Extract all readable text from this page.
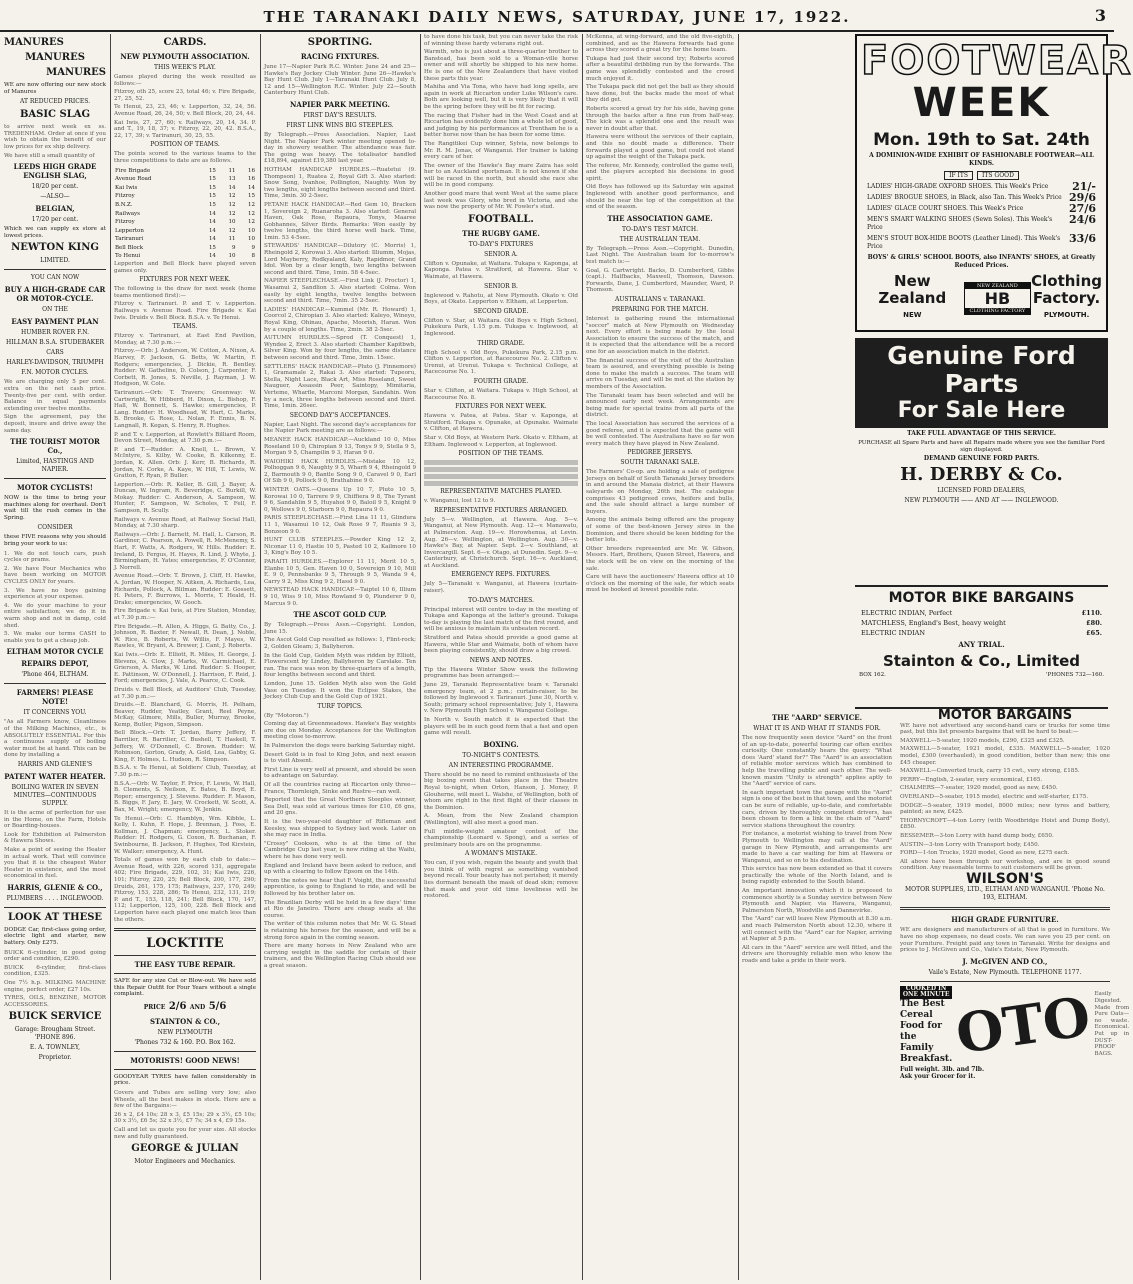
THE TARANAKI DAILY NEWS, SATURDAY, JUNE 17, 1922.	3
MANURES
MANURES
MANURES

WE are now offering our new stock of Manures

AT REDUCED PRICES.
BASIC SLAG

to arrive next week ex ss. TREDENHAM. Order at once if you wish to obtain the benefit of our low prices for ex ship delivery.

We have still a small quantity of

LEEDS HIGH GRADE ENGLISH SLAG,
18/20 per cent.
—ALSO—
BELGIAN,
17/20 per cent.

Which we can supply ex store at lowest prices.

NEWTON KING
LIMITED.
YOU CAN NOW
BUY A HIGH-GRADE CAR OR MOTOR-CYCLE.
ON THE
EASY PAYMENT PLAN
HUMBER ROVER F.N.
HILLMAN B.S.A. STUDEBAKER
CARS
HARLEY-DAVIDSON, TRIUMPH
F.N. MOTOR CYCLES.

We are charging only 5 per cent. extra on the net cash price. Twenty-five per cent. with order. Balance in equal payments extending over twelve months.

Sign the agreement, pay the deposit, insure and drive away the same day.

THE TOURIST MOTOR Co.,
Limited, HASTINGS AND NAPIER.
MOTOR CYCLISTS!

NOW is the time to bring your machines along for overhaul. Don't wait till the rush comes in the Spring.

CONSIDER

these FIVE reasons why you should bring your work to us:

1. We do not touch cars, push cycles or prams.

2. We have Four Mechanics who have been working on MOTOR CYCLES ONLY for years.

3. We have no boys gaining experience at your expense.

4. We do your machine to your entire satisfaction; we do it in warm shop and not in damp, cold shed.

5. We make our terms CASH to enable you to get a cheap job.

ELTHAM MOTOR CYCLE
REPAIRS DEPOT,
'Phone 464, ELTHAM.
FARMERS! PLEASE NOTE!
IT CONCERNS YOU.

"As all Farmers know, Cleanliness of the Milking Machines, etc., is ABSOLUTELY ESSENTIAL. For this a continuous supply of boiling water must be at hand. This can be done by installing a

HARRIS AND GLENIE'S
PATENT WATER HEATER.
BOILING WATER IN SEVEN MINUTES—CONTINUOUS SUPPLY.

It is the acme of perfection for use in the Home, on the Farm, Hotels or Boarding-houses.

Look for Exhibition at Palmerston & Hawera Shows.

Make a point of seeing the Heater in actual work. That will convince you that it is the cheapest Water Heater in existence, and the most economical in fuel.

HARRIS, GLENIE & CO.,
PLUMBERS . . . . INGLEWOOD.
LOOK AT THESE

DODGE Car, first-class going order, electric light and starter, new battery. Only £275.

BUICK 6-cylinder, in good going order and condition, £290.

BUICK 6-cylinder, first-class condition, £325.

One 7½ h.p. MILKING MACHINE engine, perfect order, £27 10s.

TYRES, OILS, BENZINE, MOTOR ACCESSORIES.

BUICK SERVICE
Garage: Brougham Street. 'PHONE 896.
E. A. TOWNLEY,
Proprietor.
CARDS.
NEW PLYMOUTH ASSOCIATION.
THIS WEEK'S PLAY.

Games played during the week resulted as follows:—

Fitzroy, oth 25, score 23, total 46; v. Fire Brigade, 27, 25, 52.

Te Henui, 23, 23, 46; v. Lepperton, 32, 24, 56. Avenue Road, 26, 24, 50; v. Bell Block, 20, 24, 44.

Kai Iwis, 27, 27, 60; v. Railways, 20, 14, 34. P. and T., 19, 18, 37; v. Fitzroy, 22, 20, 42. B.S.A., 22, 17, 39; v. Tariranuri, 30, 25, 55.

POSITION OF TEAMS.

The points scored to the various teams to the three competitions to date are as follows.

Fire Brigade	15	11	16
Avenue Road	15	13	16
Kai Iwis	15	14	14
Fitzroy	15	12	15
B.N.Z.	15	12	12
Railways	14	12	12
Fitzroy	14	10	12
Lepperton	14	12	10
Tariranuri	14	11	10
Bell Block	15	9	9
To Henui	14	10	8

Lepperton and Bell Block have played seven games only.

FIXTURES FOR NEXT WEEK.

The following is the draw for next week (home teams mentioned first):—

Fitzroy v. Tariranuri. P. and T. v. Lepperton. Railways v. Avenue Road. Fire Brigade v. Kai Iwis. Druids v. Bell Block. B.S.A. v. Te Henui.

TEAMS.

Fitzroy v. Tariranuri, at East End Pavilion, Monday, at 7.30 p.m.:—

Fitzroy.—Orb: J. Anderson, W. Cotton, A. Nixon, A. Harvey, F. Jackson, G. Betts, W. Martin, F. Rodgers; emergencies, J. Dickie, R. Bentley. Rudder: W. Gatheline, D. Colson, J. Carpenter, F. Corbett, R. Jones, S. Neville, J. Rayman, J. W. Hodgson, W. Cole.

Tariranuri.—Orb: T. Travers; Greenway: W. Cartwright, W. Hibberd, H. Dixon, L. Bishop, F. Hall, W. Bonnett, S. Hawke; emergencies, P. Lang. Rudder: H. Woodhead, W. Hart, C. Marks, B. Brooke, G. Rose, L. Nolan, F. Ennis, B. N. Langnall, R. Kegan, S. Henry, R. Hughes.

P. and T. v. Lepperton, at Rowlett's Billiard Room, Devon Street, Monday, at 7.30 p.m.:—

P. and T.—Rudder: A. Knell, L. Brown, V. McIntyre, S. Kilby, W. Cooke, B. Kilkenny, E. Jordan, K. Allen. Orb: J. Kerr, B. Richards, R. Jordan, N. Corke, A. Kaye, W. Hill, T. Lewis, W. Gratton, F. Ryan, P. Buller.

Lepperton.—Orb: R. Keller, B. Gill, J. Bayer, A. Duncan, W. Ingram, R. Beveridge, C. Burkill, W. Mokay. Rudder: C. Anderson, A. Sampson, W. Hunter, F. Sampson, W. Scholes, T. Fell, F. Sampson, R. Scully.

Railways v. Avenue Road, at Railway Social Hall, Monday, at 7.30 sharp.

Railways.—Orb: J. Barnett, M. Hall, L. Carson, R. Gardiner, C. Pearson, A. Powell, R. McMenemy, S. Hart, F. Watts, A. Rodgers, W. Hills. Rudder: E. Ireland, D. Fergus, H. Hayes, R. Lind, J. Whyte, J. Birmingham, H. Yates; emergencies, F. O'Connor, J. Norrell.

Avenue Road.—Orb: T. Brown, J. Cliff, H. Hawke, A. Jordan, W. Hooper, N. Aitken, A. Richards, Lea, Richards, Pollock, A. Blilman. Rudder: E. Gossett, H. Peters, F. Burrows, L. Morris, T. Heald, H. Drake; emergencies, W. Gooch.

Fire Brigade v. Kai Iwis, at Fire Station, Monday, at 7.30 p.m.:—

Fire Brigade.—R. Allen, A. Higgs, G. Batty, Co., J. Johnson, R. Baxter, F. Newall, R. Dean, J. Noble, W. Rice, B. Roberts, W. Willis, F. Mayes, W. Rawles, W. Bryant, A. Brewer, J. Cant, J. Roberts.

Kai Iwis.—Orb: E. Elliott, R. Miles, H. George, J. Blevens, A. Clow, J. Marks, W. Carmichael, E. Grierson, A. Marks, W. Lind. Rudder: S. Hooper, E. Pattinson, W. O'Donnell, J. Harrison, F. Reid, J. Ford; emergencies, J. Vale, A. Pearce, C. Cook.

Druids v. Bell Block, at Auditors' Club, Tuesday, at 7.30 p.m.:—

Druids.—E. Blanchard, G. Morris, H. Pelham, Beaver, Rudder, Yeatley, Grant, Reel Peyne, McKay, Gilmore, Mills, Buller, Murray, Brooke, Kemp, Butler, Pigson, Simpson.

Bell Block.—Orb: T. Jordan, Barry Jeffery, F. Barrilier, R. Barrilier, C. Bushell, T. Haskell, T. Jeffery, W. O'Donnell, C. Brown. Rudder: W. Robinson, Gorton, Grady, A. Gold, Lea, Gabby, G. King, F. Holmes, L. Hudson, R. Simpson.

B.S.A. v. Te Henui, at Soldiers' Club, Tuesday, at 7.30 p.m.:—

B.S.A.—Orb: W. Taylor, F. Price, F. Lewis, W. Hall, B. Clements, S. Neilson, E. Bates, B. Boyd, E. Roper; emergency, J. Stevens. Rudder: F. Mason, B. Biggs, F. Jary, E. Jary, W. Crockett, W. Scott, A. Bax, M. Wright; emergency, W. Jenkin.

Te Henui.—Orb: C. Hamblyn, Wm. Kibble, L. Kelly, I. Kuhn, F. Hope, J. Brennan, J. Foss, E. Kollman, J. Chapman; emergency, L. Stoker. Rudder: H. Rodgers, G. Coxon, R. Buchanan, F. Swinbourne, B. Jackson, F. Hughes, Tod Kirstein, W. Walker; emergency, A. Hunt.

Totals of games won by each club to date:—Avenue Road, with 226, scored 131, aggregate 402; Fire Brigade, 229, 102, 31; Kai Iwis, 226, 101; Fitzroy, 220, 25; Bell Block, 200, 177, 290; Druids, 261, 175, 175; Railways, 237, 170, 249; Fitzroy, 153, 228, 286; Te Henui, 232, 131, 219; P. and T., 153, 118, 241; Bell Block, 170, 147, 112; Lepperton, 125, 100, 228. Bell Block and Lepperton have each played one match less than the others.

LOCKTITE
THE EASY TUBE REPAIR.

SAFE for any size Cut or Blow-out. We have sold this Repair Outfit for Four Years without a single complaint.

PRICE 2/6 AND 5/6
STAINTON & CO.,
NEW PLYMOUTH
'Phones 732 & 160. P.O. Box 162.
MOTORISTS! GOOD NEWS!

GOODYEAR TYRES have fallen considerably in price.

Covers and Tubes are selling very low; also Wheels, all the best makes in stock. Here are a few of the Bargains:—

26 x 2, £4 10s; 28 x 3, £5 15s; 29 x 3½, £5 10s; 30 x 3½, £6 5s; 32 x 3½, £7 7s; 34 x 4, £9 15s.

Call and let us quote you for your size. All stocks new and fully guaranteed.

GEORGE & JULIAN
Motor Engineers and Mechanics.
SPORTING.
RACING FIXTURES.

June 17—Napier Park R.C. Winter. June 24 and 25—Hawke's Bay Jockey Club Winter. June 26—Hawke's Bay Hunt Club. July 1—Taranaki Hunt Club. July 8, 12 and 15—Wellington R.C. Winter. July 22—South Canterbury Hunt Club.

NAPIER PARK MEETING.
FIRST DAY'S RESULTS.
FIRST LINK WINS BIG STEEPLES.

By Telegraph.—Press Association. Napier, Last Night. The Napier Park winter meeting opened to-day in showery weather. The attendance was fair. The going was heavy. The totalisator handled £18,894, against £19,380 last year.

HOTHAM HANDICAP HURDLES.—Ruatetui (9. Thompson) 1, Ruatea 2, Royal Gift 3. Also started: Snow Song, Ivanhoe, Pollington, Naughty. Won by two lengths, eight lengths between second and third. Time, 3min. 30 2-5sec.

PETANE HACK HANDICAP.—Red Gem 10, Bracken 1, Sovereign 2, Ruanaroha 3. Also started: General Haven, Oak Rose, Repaura, Tonys, Maaree Gobhannes, Silver Birds. Remarks: Won easily by twelve lengths, the third horse well back. Time, 1min. 53 4-5sec.

STEWARDS' HANDICAP.—Dilutory (C. Morris) 1, Rheingold 2, Korowai 3. Also started: Illiumm, Mojas, Lord Mayberry, Rodkyaland, Kaly, Rapidmor, Grand Idol. Won by a clear length, two lengths between second and third. Time, 1min. 58 4-5sec.

NAPIER STEEPLECHASE.—First Link (J. Proctor) 1, Wasamui 2, Sandlion 3. Also started: Colma. Won easily by eight lengths, twelve lengths between second and third. Time, 7min. 35 2-5sec.

LADIES' HANDICAP.—Kummel (Mr. R. Howard) 1, Coorcol 2, Chiropian 3. Also started: Kaleyo, Wineyo, Royal King, Ohinau, Apache, Moorish, Haran. Won by a couple of lengths. Time, 2min. 38 2-5sec.

AUTUMN HURDLES.—Sprod (T. Conquest) 1, Wyndee 2, Erect 3. Also started: Chamber Kapitbwb, Silver King. Won by four lengths, the same distance between second and third. Time, 3min. 15sec.

SETTLERS' HACK HANDICAP.—Pluto (J. Finnemore) 1, Gramamale 2, Rakai 3. Also started: Tupeoru, Stella, Night Lace, Black Art, Miss Roseland, Sweet Nauguer, Assassin Peer, Saintopy, Mimitaria, Verteme, Wharfle, Marconi Morgan, Sandahin. Won by a neck, three lengths between second and third. Time, 1min. 26sec.

SECOND DAY'S ACCEPTANCES.

Napier, Last Night. The second day's acceptances for the Napier Park meeting are as follows:—

MEANEE HACK HANDICAP.—Auckland 10 0, Miss Roseland 10 0, Chiropian 9 13, Tonys 9 9, Stella 9 5, Morgan 9 5, Champilin 9 3, Haran 9 0.

WAIOHIKI HACK HURDLES.—Mistake 10 12, Polhoggan 9 6, Naughty 9 5, Wharfi 9 4, Rheingold 9 2, Barmouth 9 0, Bantle Song 9 0, Caravel 9 0, Earl Of Sib 9 0, Pollock 9 0, Brathabine 9 0.

WINTER OATS.—Queens Up 10 7, Pluto 10 5, Korowai 10 0, Tarrere 9 9, Chiffiera 9 8, The Tyrant 9 6, Sandahlin 9 5, Huyahoi 9 0, Baloil 9 5, Knight 9 0, Wollows 9 0, Starborn 9 0, Repaura 9 0.

PARIS STEEPLECHASE.—First Lina 11 11, Glindura 11 1, Wasamui 10 12, Oak Rose 9 7, Ruanis 9 3, Bonzeon 9 0.

HUNT CLUB STEEPLES.—Powder King 12 2, Niconar 11 0, Hastie 10 5, Pasted 10 2, Kailmore 10 3, King's Boy 10 5.

PARAITI HURDLES.—Explorer 11 11, Merit 10 5, Elanbe 10 5, Gen. Haven 10 0, Sovereign 9 10, Mill E. 9 0, Pennsbanks 9 5, Through 9 5, Wanda 9 4, Carry 9 2, Miss King 9 2, Hassl 9 0.

NEWSTEAD HACK HANDICAP.—Taiptel 10 6, Illium 9 10, Wiss 9 10, Miss Rowland 9 0, Plunderer 9 0, Marcus 9 0.

THE ASCOT GOLD CUP.

By Telegraph.—Press Assn.—Copyright. London, June 15.

The Ascot Gold Cup resulted as follows: 1, Flint-rock; 2, Golden Gleam; 3, Ballyheron.

In the Gold Cup, Golden Myth was ridden by Elliott, Flowerscent by Lindey, Ballyheron by Carslake. Ten ran. The race was won by three-quarters of a length, four lengths between second and third.

London, June 15. Golden Myth also won the Gold Vase on Tuesday. It won the Eclipse Stakes, the Jockey Club Cup and the Gold Cup of 1921.

TURF TOPICS.

(By "Motoron.")

Coming day at Greenmeadows. Hawke's Bay weights are due on Monday. Acceptances for the Wellington meeting close to-morrow.

In Palmerston the dogs were barking Saturday night.

Desert Gold is in foal to King John, and next season is to visit Absent.

First Line is very well at present, and should be seen to advantage on Saturday.

Of all the countries racing at Riccarton only three—France, Thornleigh, Sinke and Rustre—ran well.

Reported that the Great Northern Steeples winner, Sea Dell, was sold at various times for £10, £6 gns, and 20 gns.

It is the two-year-old daughter of Rifleman and Keesley, was shipped to Sydney last week. Later on she may race in India.

"Crossy" Cookson, who is at the time of the Cambridge Cup last year, is now riding at the Waihi, where he has done very well.

England and Ireland have been asked to reduce, and up with a clearing to follow Epsom on the 14th.

From the notes we hear that F. Voight, the successful apprentice, is going to England to ride, and will be followed by his brother later on.

The Brazilian Derby will be held in a few days' time at Rio de Janeiro. There are cheap seats at the course.

The writer of this column notes that Mr. W. G. Stead is retaining his horses for the season, and will be a strong force again in the coming season.

There are many horses in New Zealand who are carrying weight in the saddle for certain of their trainers, and the Wellington Racing Club should see a great season.

to have done his task, but you can never take the risk of winning these hardy veterans right out.

Warmth, who is just about a three-quarter brother to Banstead, has been sold to a Woman-ville horse owner and will shortly be shipped to his new home. He is one of the New Zealanders that have visited these parts this year.

Mahiha and Via Tona, who have had long spells, are again in work at Riccarton under Luke Wilson's care. Both are looking well, but it is very likely that it will be the spring before they will be fit for racing.

The racing that Fisher had in the West Coast and at Riccarton has evidently done him a whole lot of good, and judging by his performances at Trentham he is a better horse now than he has been for some time.

The Rangitikei Cup winner, Sylvia, now belongs to Mr. R. M. Jonas, of Wanganui. Her trainer is taking every care of her.

The owner of the Hawke's Bay mare Zaira has sold her to an Auckland sportsman. It is not known if she will be raced in the north, but should she race she will be in good company.

Another good mare that went West at the same place last week was Glory, who bred in Victoria, and she was now the property of Mr. W. Fowler's stud.

FOOTBALL.
THE RUGBY GAME.
TO-DAY'S FIXTURES
SENIOR A.

Clifton v. Opunake, at Waitara. Tukapa v. Kaponga, at Kaponga. Patea v. Stratford, at Hawera. Star v. Waimate, at Hawera.

SENIOR B.

Inglewood v. Rahotu, at New Plymouth. Okato v. Old Boys, at Okato. Lepperton v. Eltham, at Lepperton.

SECOND GRADE.

Clifton v. Star, at Waitara. Old Boys v. High School, Pukekura Park, 1.15 p.m. Tukapa v. Inglewood, at Inglewood.

THIRD GRADE.

High School v. Old Boys, Pukekura Park, 2.15 p.m. Clifton v. Lepperton, at Racecourse No. 2. Clifton v. Urenui, at Urenui. Tukapa v. Technical College, at Racecourse No. 1.

FOURTH GRADE.

Star v. Clifton, at Waitara. Tukapa v. High School, at Racecourse No. 8.

FIXTURES FOR NEXT WEEK.

Hawera v. Patea, at Patea. Star v. Kaponga, at Stratford. Tukapa v. Opunake, at Opunake. Waimate v. Clifton, at Hawera.

Star v. Old Boys, at Western Park. Okato v. Eltham, at Eltham. Inglewood v. Lepperton, at Inglewood.

POSITION OF THE TEAMS.
REPRESENTATIVE MATCHES PLAYED.

v. Wanganui, lost 12 to 9.

REPRESENTATIVE FIXTURES ARRANGED.

July 5—v. Wellington, at Hawera. Aug. 5—v. Wanganui, at New Plymouth. Aug. 12—v. Manawatu, at Palmerston. Aug. 19—v. Horowhenua, at Levin. Aug. 26—v. Wellington, at Wellington. Aug. 30—v. Hawke's Bay, at Napier. Sept. 2—v. Southland, at Invercargill. Sept. 6—v. Otago, at Dunedin. Sept. 9—v. Canterbury, at Christchurch. Sept. 16—v. Auckland, at Auckland.

EMERGENCY REPS. FIXTURES.

July 5—Taranaki v. Wanganui, at Hawera (curtain-raiser).

TO-DAY'S MATCHES.

Principal interest will centre to-day in the meeting of Tukapa and Kaponga at the latter's ground. Tukapa to-day is playing the last match of the first round, and will be anxious to maintain its unbeaten record.

Stratford and Patea should provide a good game at Hawera, while Star and Waimate, both of whom have been playing consistently, should draw a big crowd.

NEWS AND NOTES.

Tip the Hawera Winter Show week the following programme has been arranged:—

June 29, Taranaki Representative team v. Taranaki emergency team, at 2 p.m.; curtain-raiser, to be followed by Inglewood v. Tariranuri. June 30, North v. South; primary school representative; July 1, Hawera v. New Plymouth High School v. Wanganui College.

In North v. South match it is expected that the players will be in such good form that a fast and open game will result.

BOXING.
TO-NIGHT'S CONTESTS.
AN INTERESTING PROGRAMME.

There should be no need to remind enthusiasts of the big boxing event that takes place in the Theatre Royal to-night, when Orton, Hanson, J. Money, P. Glouherne, will meet L. Walshe, of Wellington, both of whom are right in the first flight of their classes in the Dominion.

A. Mean, from the New Zealand champion (Wellington), will also meet a good man.

Full middle-weight amateur contest of the championship (Leonard v. Spong), and a series of preliminary bouts are on the programme.

A WOMAN'S MISTAKE.

You can, if you wish, regain the beauty and youth that you think of with regret as something vanished beyond recall. Your beauty has not perished; it merely lies dormant beneath the mask of dead skin; remove that mask and your old time loveliness will be restored.

McKenna, at wing-forward, and the old five-eighth, combined, and as the Hawera forwards had gone across they scored a great try for the home team.

Tukapa had just their second try; Roberts scored after a beautiful dribbling run by the forwards. The game was splendidly contested and the crowd much enjoyed it.

The Tukapa pack did not get the ball as they should have done, but the backs made the most of what they did get.

Roberts scored a great try for his side, having gone through the backs after a fine run from half-way. The kick was a splendid one and the result was never in doubt after that.

Hawera were without the services of their captain, and this no doubt made a difference. Their forwards played a good game, but could not stand up against the weight of the Tukapa pack.

The referee, Mr. Kennedy, controlled the game well, and the players accepted his decisions in good spirit.

Old Boys has followed up its Saturday win against Inglewood with another good performance, and should be near the top of the competition at the end of the season.

THE ASSOCIATION GAME.
TO-DAY'S TEST MATCH.
THE AUSTRALIAN TEAM.

By Telegraph.—Press Assn.—Copyright. Dunedin, Last Night. The Australian team for to-morrow's test match is:—

Goal, G. Cartwright. Backs, D. Cumberford, Gibbs (capt.). Halfbacks, Maxwell, Thomson, Dawson. Forwards, Dane, J. Cumberford, Maunder, Ward, P. Thomson.

AUSTRALIANS v. TARANAKI.
PREPARING FOR THE MATCH.

Interest is gathering round the international "soccer" match at New Plymouth on Wednesday next. Every effort is being made by the local Association to ensure the success of the match, and it is expected that the attendance will be a record one for an association match in the district.

The financial success of the visit of the Australian team is assured, and everything possible is being done to make the match a success. The team will arrive on Tuesday, and will be met at the station by members of the Association.

The Taranaki team has been selected and will be announced early next week. Arrangements are being made for special trains from all parts of the district.

The local Association has secured the services of a good referee, and it is expected that the game will be well contested. The Australians have so far won every match they have played in New Zealand.

PEDIGREE JERSEYS.
SOUTH TARANAKI SALE.

The Farmers' Co-op. are holding a sale of pedigree Jerseys on behalf of South Taranaki Jersey breeders in and around the Manaia district, at their Hawera saleyards on Monday, 26th inst. The catalogue comprises 43 pedigreed cows, heifers and bulls, and the sale should attract a large number of buyers.

Among the animals being offered are the progeny of some of the best-known Jersey sires in the Dominion, and there should be keen bidding for the better lots.

Other breeders represented are Mr. W. Gibson, Messrs. Hart, Brothers, Queen Street, Hawera, and the stock will be on view on the morning of the sale.

Care will have the auctioneers' Hawera office at 10 o'clock on the morning of the sale, for which seats must be booked at lowest possible rate.

FOOTWEAR
WEEK
Mon. 19th to Sat. 24th
A DOMINION-WIDE EXHIBIT OF FASHIONABLE FOOTWEAR—ALL KINDS.
IF ITS	ITS GOOD
LADIES' HIGH-GRADE OXFORD SHOES. This Week's Price 21/-
LADIES' BROGUE SHOES, in Black, also Tan. This Week's Price 29/6
LADIES' GLACE COURT SHOES. This Week's Price	27/6
MEN'S SMART WALKING SHOES (Sewn Soles). This Week's Price
24/6
MEN'S STOUT BOX-HIDE BOOTS (Leather Lined). This Week's Price
33/6
BOYS' & GIRLS' SCHOOL BOOTS, also INFANTS' SHOES, at Greatly Reduced Prices.
New Zealand
NEW
NEW ZEALAND
HB
CLOTHING FACTORY
Clothing
Factory.
PLYMOUTH.
Genuine Ford Parts
For Sale Here
TAKE FULL ADVANTAGE OF THIS SERVICE.
PURCHASE all Spare Parts and have all Repairs made where you see the familiar Ford sign displayed.
DEMAND GENUINE FORD PARTS.
H. DERBY & Co.
LICENSED FORD DEALERS,
NEW PLYMOUTH —— AND AT —— INGLEWOOD.
MOTOR BIKE BARGAINS
ELECTRIC INDIAN, Perfect	£110.
MATCHLESS, England's Best, heavy weight	£80.
ELECTRIC INDIAN	£65.
ANY TRIAL.
Stainton & Co., Limited
BOX 162.	'PHONES 732—160.
THE "AARD" SERVICE.
WHAT IT IS AND WHAT IT STANDS FOR.

The now frequently seen device "Aard" on the front of an up-to-date, powerful touring car often excites curiosity. One constantly hears the query: "What does 'Aard' stand for?" The "Aard" is an association of reliable motor services which has combined to help the travelling public and each other. The well-known maxim "Unity is strength" applies aptly to the "Aard" service of cars.

In each important town the garage with the "Aard" sign is one of the best in that town, and the motorist can be sure of reliable, up-to-date, and comfortable cars, driven by thoroughly competent drivers, has been chosen to form a link in the chain of "Aard" service stations throughout the country.

For instance, a motorist wishing to travel from New Plymouth to Wellington may call at the "Aard" garage in New Plymouth, and arrangements are made to have a car waiting for him at Hawera or Wanganui, and so on to his destination.

This service has now been extended so that it covers practically the whole of the North Island, and is being rapidly extended to the South Island.

An important innovation which it is proposed to commence shortly is a Sunday service between New Plymouth and Napier, via Hawera, Wanganui, Palmerston North, Woodville and Dannevirke.

The "Aard" car will leave New Plymouth at 8.30 a.m. and reach Palmerston North about 12.30, where it will connect with the "Aard" car for Napier, arriving at Napier at 5 p.m.

All cars in the "Aard" service are well fitted, and the drivers are thoroughly reliable men who know the roads and take a pride in their work.

MOTOR BARGAINS

WE have not advertised any second-hand cars or trucks for some time past, but this list presents bargains that will be hard to beat:—

MAXWELL—5-seater, 1920 models, £290, £325 and £325.

MAXWELL—5-seater, 1921 model, £335. MAXWELL—5-seater, 1920 model, £300 (overhauled), in good condition, better than new; this one £45 cheaper.

MAXWELL—Converted truck, carry 15 cwt., very strong, £185.

PERRY—English, 2-seater, very economical, £165.

CHALMERS—7-seater, 1920 model, good as new, £450.

OVERLAND—5-seater, 1915 model, electric and self-starter, £175.

DODGE—5-seater, 1919 model, 8000 miles; new tyres and battery, painted; as new, £425.

THORNYCROFT—4-ton Lorry (with Woodbridge Hoist and Dump Body), £850.

BESSEMER—3-ton Lorry with hand dump body, £650.

AUSTIN—3-ton Lorry with Transport body, £450.

FORD—1-ton Trucks, 1920 model, Good as new, £275 each.

All above have been through our workshop, and are in good sound condition. Any reasonable terms to suit customers will be given.

WILSON'S
MOTOR SUPPLIES, LTD., ELTHAM AND WANGANUI. 'Phone No. 193, ELTHAM.
HIGH GRADE FURNITURE.

WE are designers and manufacturers of all that is good in furniture. We have no shop expenses, no dead costs. We can save you 25 per cent. on your Furniture. Freight paid any town in Taranaki. Write for designs and prices to J. McGiven and Co., Vaile's Estate, New Plymouth.

J. McGIVEN AND CO.,
Vaile's Estate, New Plymouth. TELEPHONE 1177.
COOKED IN ONE MINUTE
The Best Cereal Food for the Family Breakfast. OTO Easily Digested. Made from Pure Oats—no waste. Economical. Put up in DUST-PROOF BAGS.

Full weight. 3lb. and 7lb.
Ask your Grocer for it.
